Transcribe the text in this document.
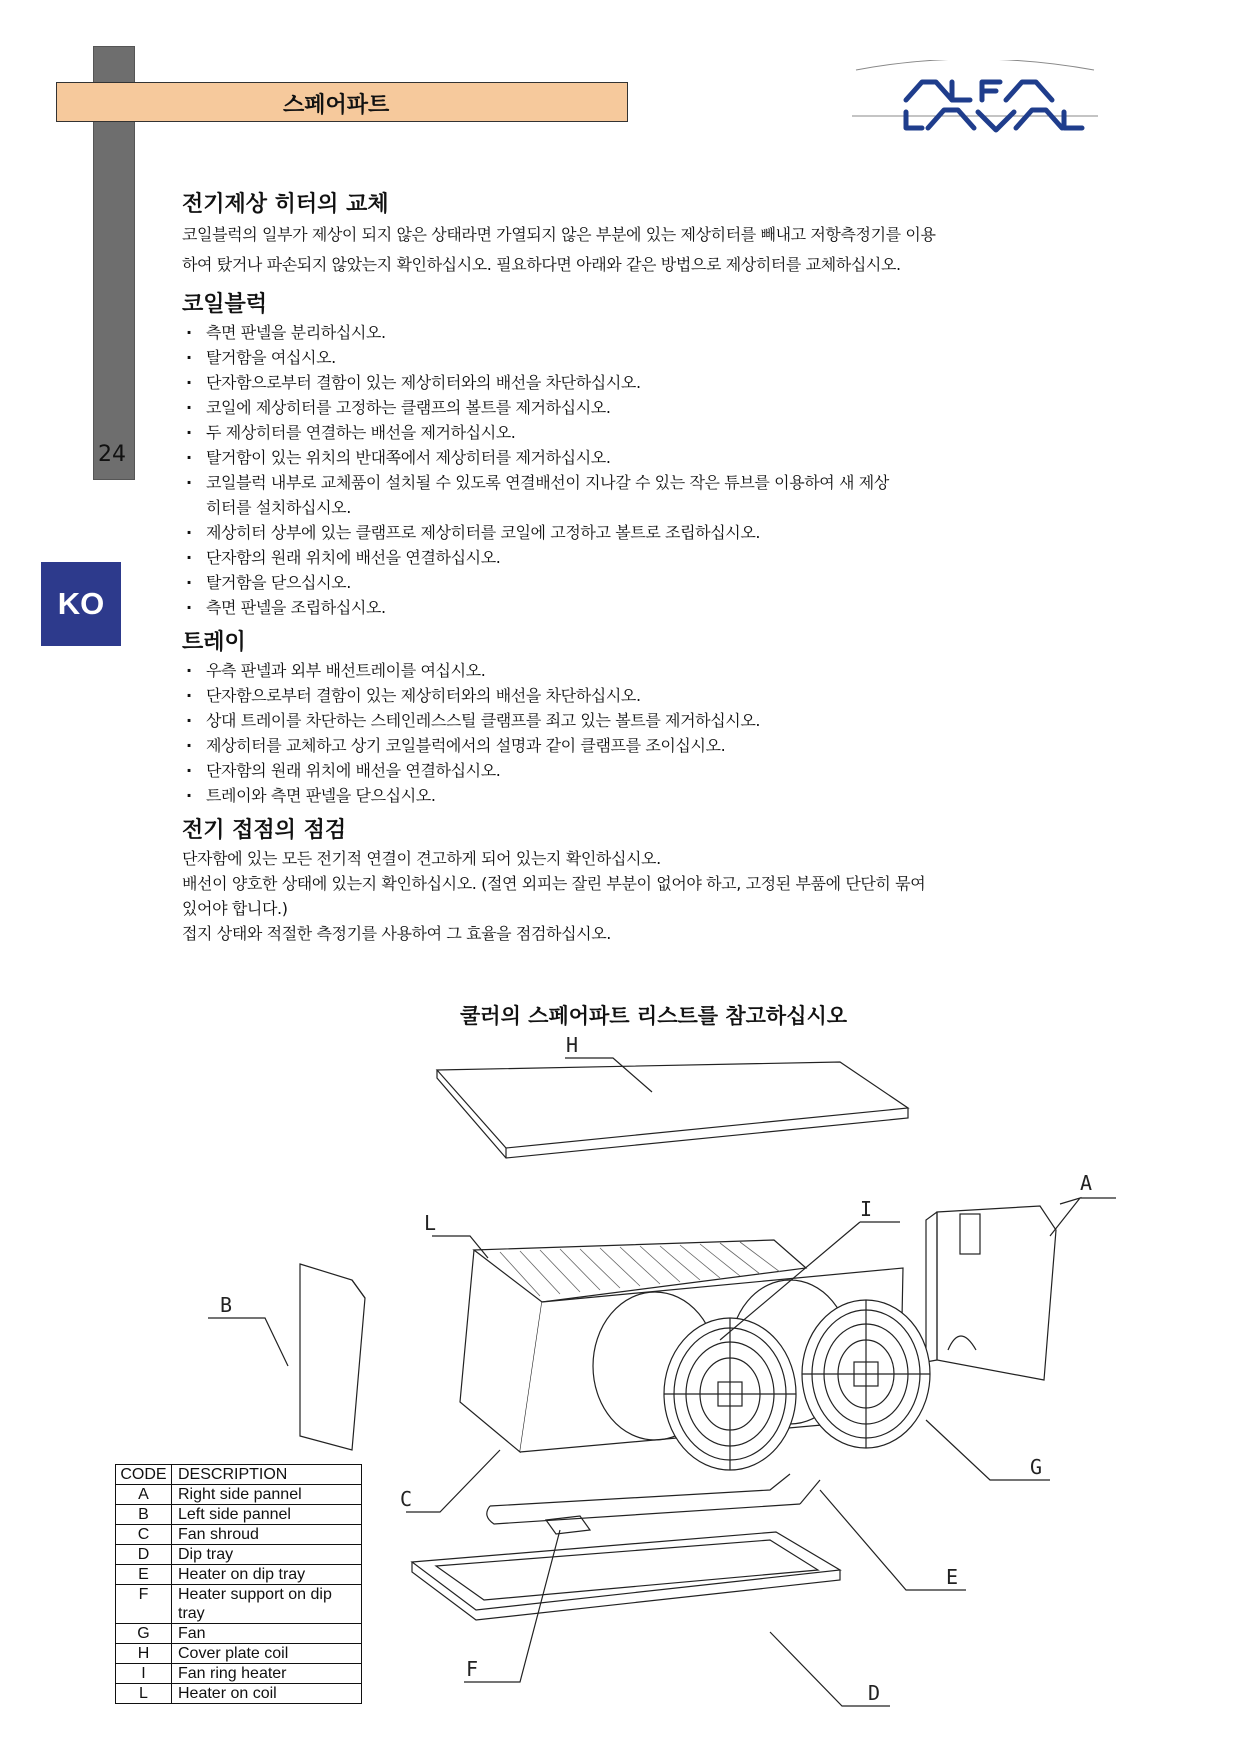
스페어파트
24
KO
전기제상 히터의 교체

코일블럭의 일부가 제상이 되지 않은 상태라면 가열되지 않은 부분에 있는 제상히터를 빼내고 저항측정기를 이용

하여 탔거나 파손되지 않았는지 확인하십시오. 필요하다면 아래와 같은 방법으로 제상히터를 교체하십시오.

코일블럭
· 측면 판넬을 분리하십시오.
· 탈거함을 여십시오.
· 단자함으로부터 결함이 있는 제상히터와의 배선을 차단하십시오.
· 코일에 제상히터를 고정하는 클램프의 볼트를 제거하십시오.
· 두 제상히터를 연결하는 배선을 제거하십시오.
· 탈거함이 있는 위치의 반대쪽에서 제상히터를 제거하십시오.
· 코일블럭 내부로 교체품이 설치될 수 있도록 연결배선이 지나갈 수 있는 작은 튜브를 이용하여 새 제상 히터를 설치하십시오.
· 제상히터 상부에 있는 클램프로 제상히터를 코일에 고정하고 볼트로 조립하십시오.
· 단자함의 원래 위치에 배선을 연결하십시오.
· 탈거함을 닫으십시오.
· 측면 판넬을 조립하십시오.
트레이
· 우측 판넬과 외부 배선트레이를 여십시오.
· 단자함으로부터 결함이 있는 제상히터와의 배선을 차단하십시오.
· 상대 트레이를 차단하는 스테인레스스틸 클램프를 죄고 있는 볼트를 제거하십시오.
· 제상히터를 교체하고 상기 코일블럭에서의 설명과 같이 클램프를 조이십시오.
· 단자함의 원래 위치에 배선을 연결하십시오.
· 트레이와 측면 판넬을 닫으십시오.
전기 접점의 점검

단자함에 있는 모든 전기적 연결이 견고하게 되어 있는지 확인하십시오.

배선이 양호한 상태에 있는지 확인하십시오. (절연 외피는 잘린 부분이 없어야 하고, 고정된 부품에 단단히 묶여

있어야 합니다.)

접지 상태와 적절한 측정기를 사용하여 그 효율을 점검하십시오.

쿨러의 스페어파트 리스트를 참고하십시오
H
A
B
I
L
C
G
E
D
F
CODE	DESCRIPTION
A	Right side pannel
B	Left side pannel
C	Fan shroud
D	Dip tray
E	Heater on dip tray
F	Heater support on dip tray
G	Fan
H	Cover plate coil
I	Fan ring heater
L	Heater on coil
